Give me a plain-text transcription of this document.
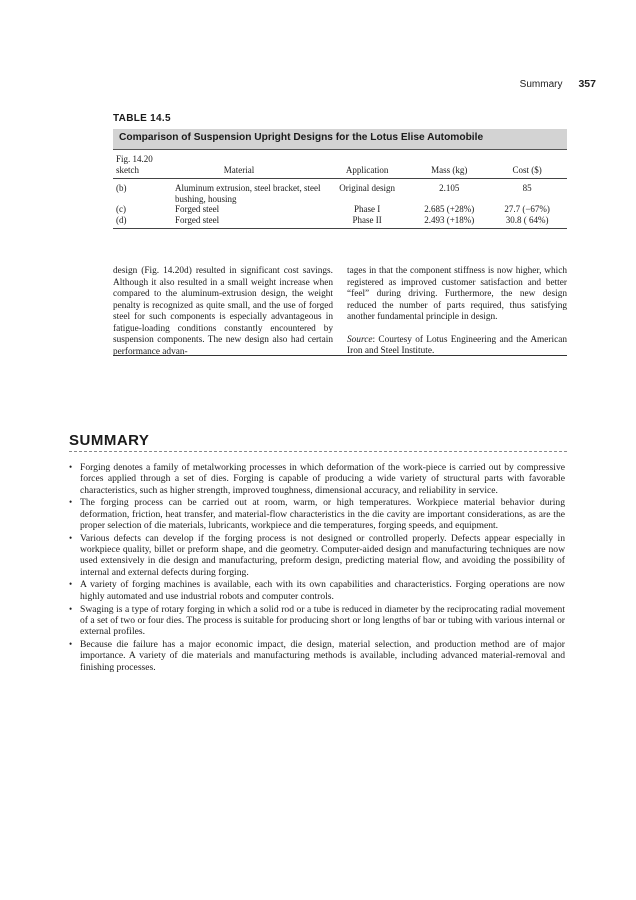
Summary 357
TABLE 14.5
Comparison of Suspension Upright Designs for the Lotus Elise Automobile
Fig. 14.20				
sketch	Material	Application	Mass (kg)	Cost ($)
(b)	Aluminum extrusion, steel bracket, steel bushing, housing	Original design	2.105	85
(c)	Forged steel	Phase I	2.685 (+28%)	27.7 (−67%)
(d)	Forged steel	Phase II	2.493 (+18%)	30.8 ( 64%)

design (Fig. 14.20d) resulted in significant cost savings. Although it also resulted in a small weight increase when compared to the aluminum-extrusion design, the weight penalty is recognized as quite small, and the use of forged steel for such components is especially advantageous in fatigue-loading conditions constantly encountered by suspension components. The new design also had certain performance advan-

tages in that the component stiffness is now higher, which registered as improved customer satisfaction and better “feel” during driving. Furthermore, the new design reduced the number of parts required, thus satisfying another fundamental principle in design.

Source: Courtesy of Lotus Engineering and the American Iron and Steel Institute.

SUMMARY
• Forging denotes a family of metalworking processes in which deformation of the work-piece is carried out by compressive forces applied through a set of dies. Forging is capable of producing a wide variety of structural parts with favorable characteristics, such as higher strength, improved toughness, dimensional accuracy, and reliability in service.
• The forging process can be carried out at room, warm, or high temperatures. Workpiece material behavior during deformation, friction, heat transfer, and material-flow characteristics in the die cavity are important considerations, as are the proper selection of die materials, lubricants, workpiece and die temperatures, forging speeds, and equipment.
• Various defects can develop if the forging process is not designed or controlled properly. Defects appear especially in workpiece quality, billet or preform shape, and die geometry. Computer-aided design and manufacturing techniques are now used extensively in die design and manufacturing, preform design, predicting material flow, and avoiding the possibility of internal and external defects during forging.
• A variety of forging machines is available, each with its own capabilities and characteristics. Forging operations are now highly automated and use industrial robots and computer controls.
• Swaging is a type of rotary forging in which a solid rod or a tube is reduced in diameter by the reciprocating radial movement of a set of two or four dies. The process is suitable for producing short or long lengths of bar or tubing with various internal or external profiles.
• Because die failure has a major economic impact, die design, material selection, and production method are of major importance. A variety of die materials and manufacturing methods is available, including advanced material-removal and finishing processes.
